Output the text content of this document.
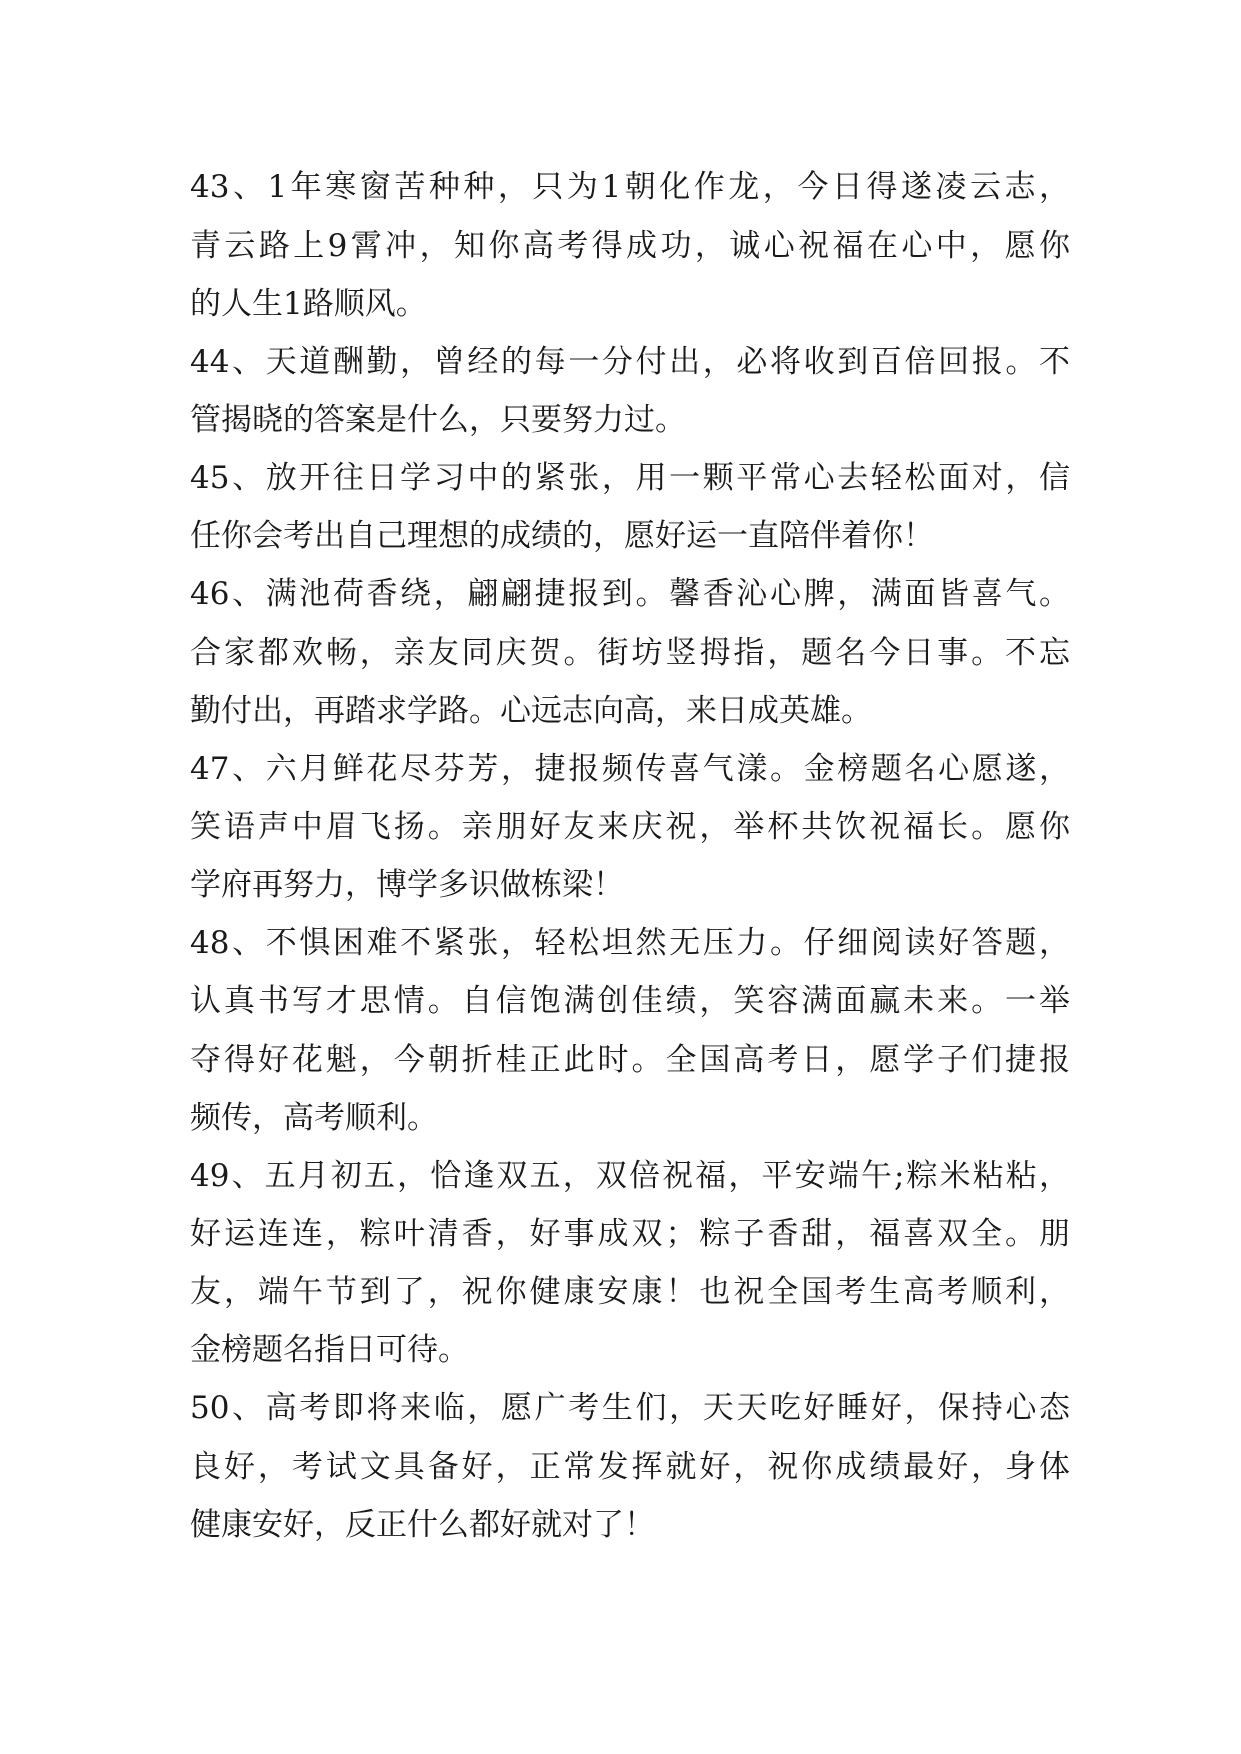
43、1年寒窗苦种种，只为1朝化作龙，今日得遂凌云志，
青云路上9霄冲，知你高考得成功，诚心祝福在心中，愿你
的人生1路顺风。
44、天道酬勤，曾经的每一分付出，必将收到百倍回报。不
管揭晓的答案是什么，只要努力过。
45、放开往日学习中的紧张，用一颗平常心去轻松面对，信
任你会考出自己理想的成绩的，愿好运一直陪伴着你！
46、满池荷香绕，翩翩捷报到。馨香沁心脾，满面皆喜气。
合家都欢畅，亲友同庆贺。街坊竖拇指，题名今日事。不忘
勤付出，再踏求学路。心远志向高，来日成英雄。
47、六月鲜花尽芬芳，捷报频传喜气漾。金榜题名心愿遂，
笑语声中眉飞扬。亲朋好友来庆祝，举杯共饮祝福长。愿你
学府再努力，博学多识做栋梁！
48、不惧困难不紧张，轻松坦然无压力。仔细阅读好答题，
认真书写才思情。自信饱满创佳绩，笑容满面赢未来。一举
夺得好花魁，今朝折桂正此时。全国高考日，愿学子们捷报
频传，高考顺利。
49、五月初五，恰逢双五，双倍祝福，平安端午;粽米粘粘，
好运连连，粽叶清香，好事成双；粽子香甜，福喜双全。朋
友，端午节到了，祝你健康安康！也祝全国考生高考顺利，
金榜题名指日可待。
50、高考即将来临，愿广考生们，天天吃好睡好，保持心态
良好，考试文具备好，正常发挥就好，祝你成绩最好，身体
健康安好，反正什么都好就对了！
